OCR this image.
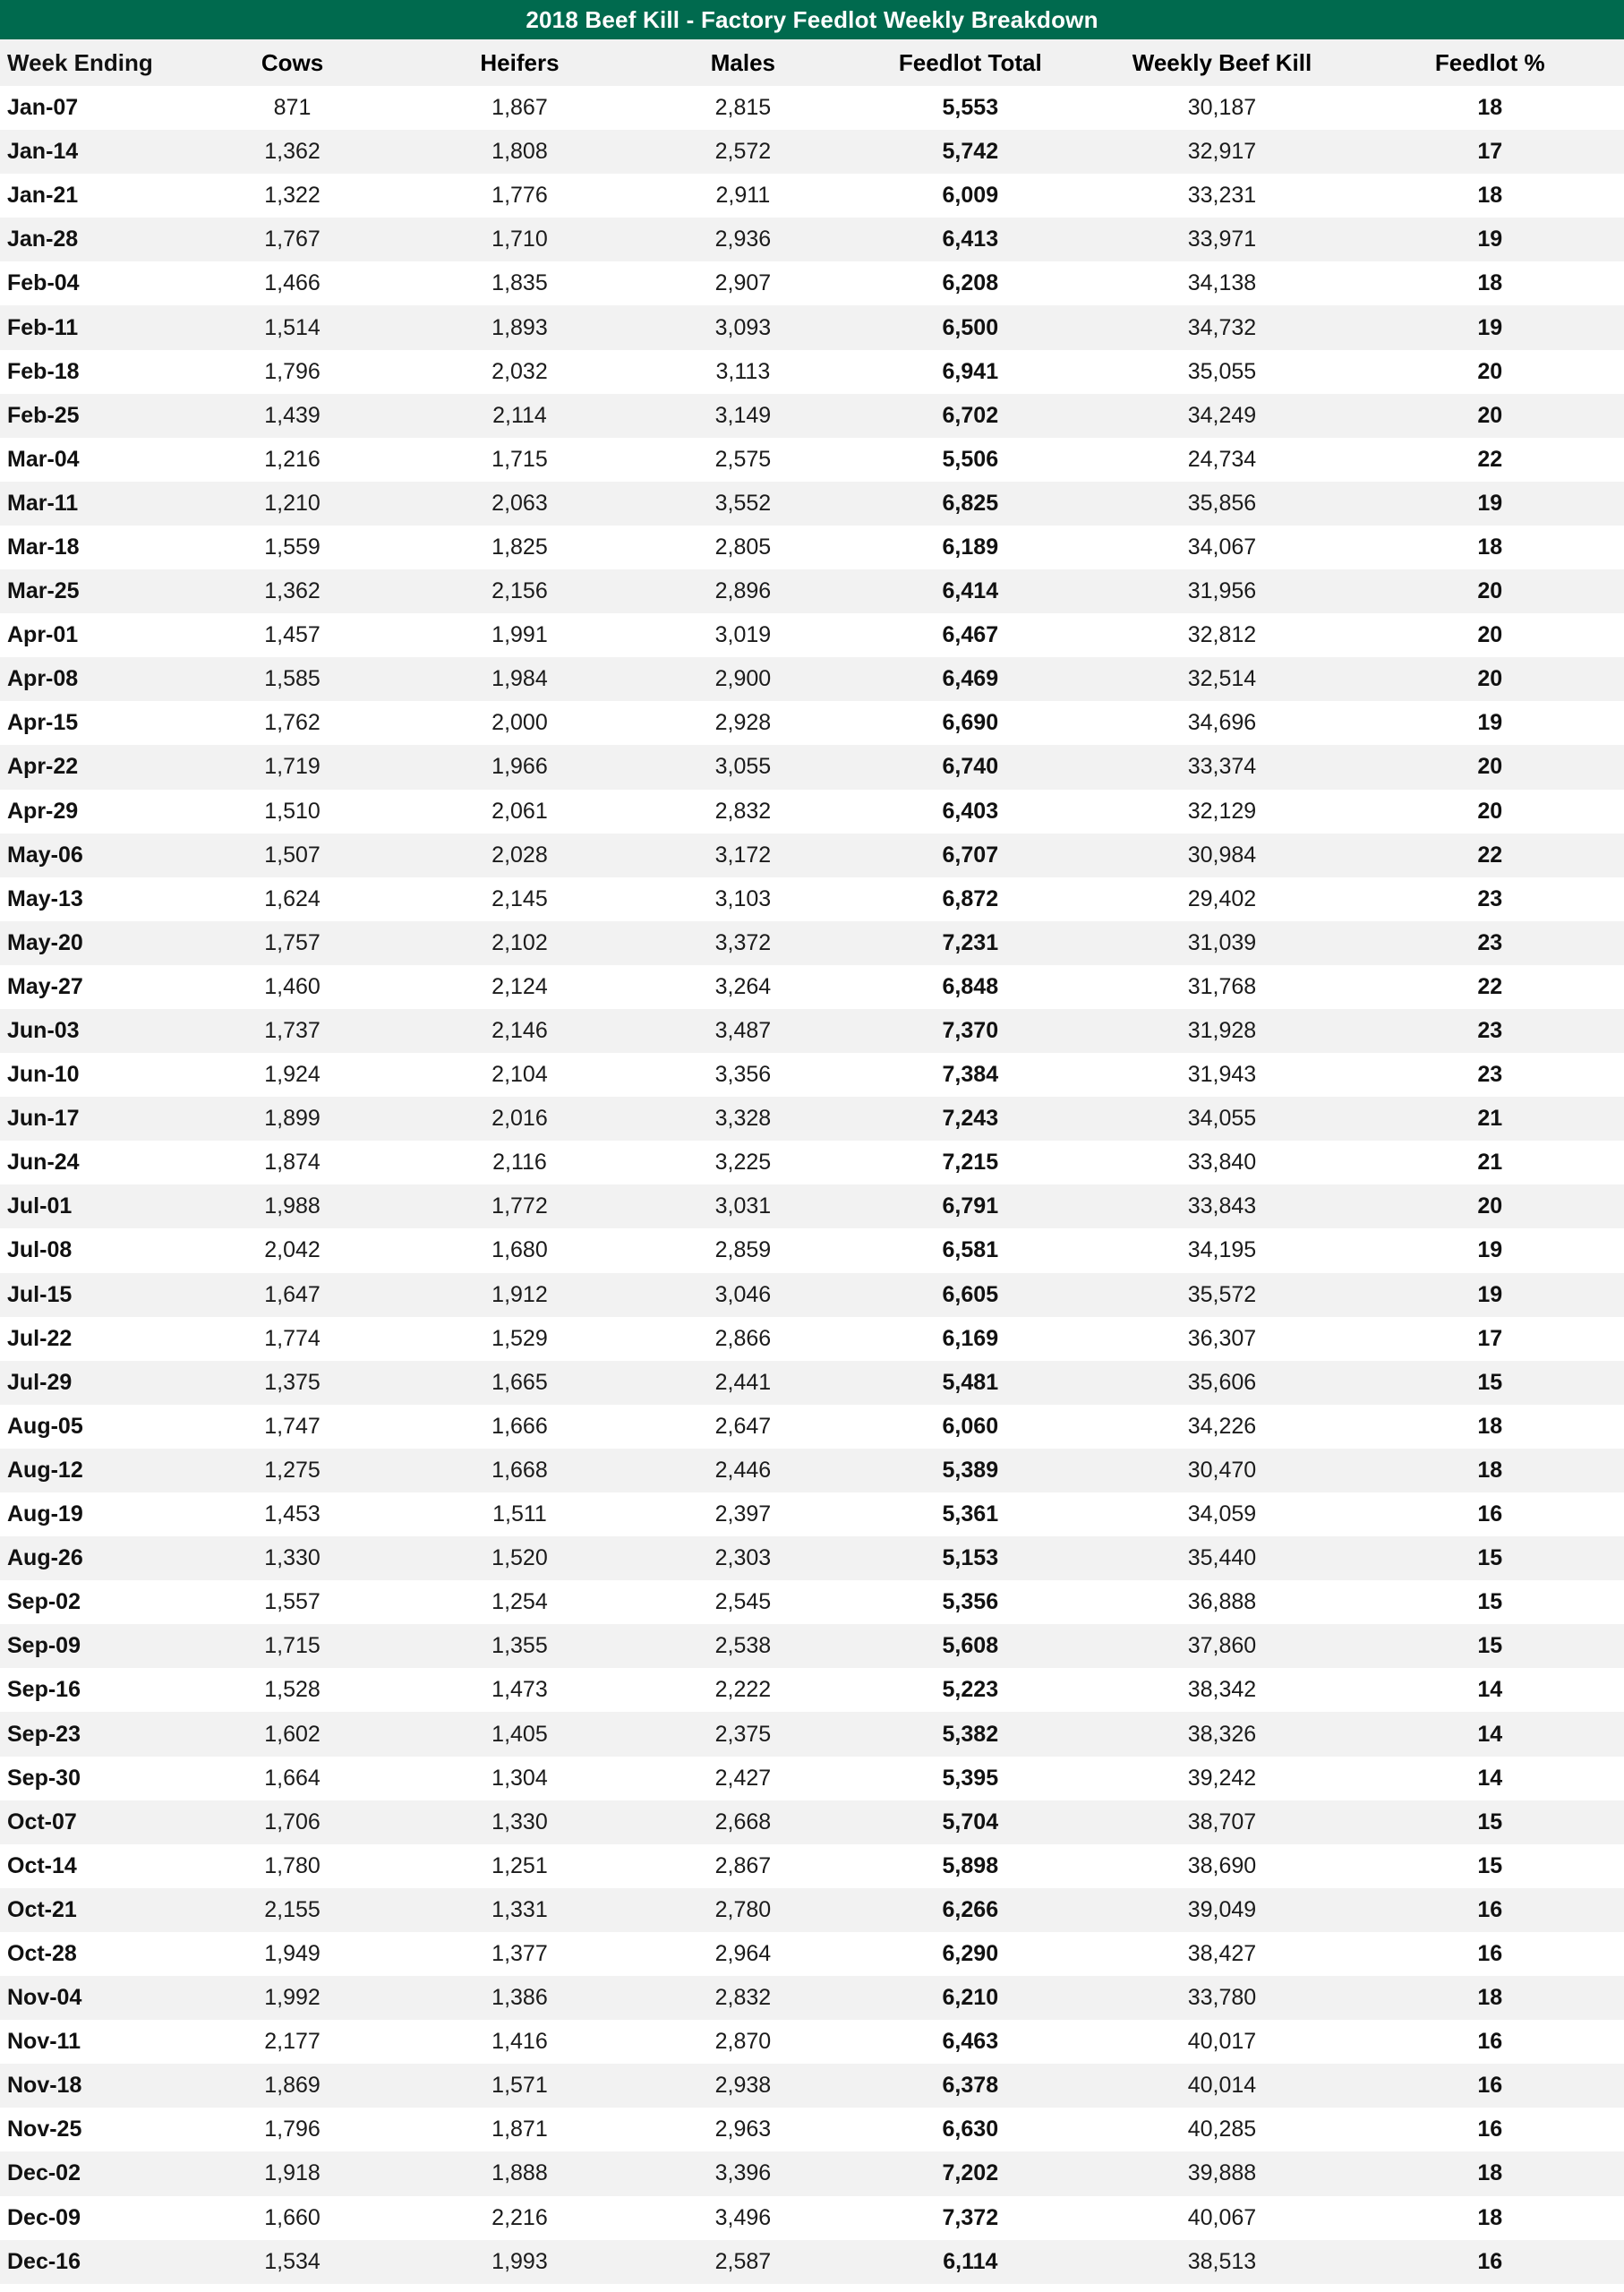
2018 Beef Kill - Factory Feedlot Weekly Breakdown
Week Ending	Cows	Heifers	Males	Feedlot Total	Weekly Beef Kill	Feedlot %
Jan-07	871	1,867	2,815	5,553	30,187	18
Jan-14	1,362	1,808	2,572	5,742	32,917	17
Jan-21	1,322	1,776	2,911	6,009	33,231	18
Jan-28	1,767	1,710	2,936	6,413	33,971	19
Feb-04	1,466	1,835	2,907	6,208	34,138	18
Feb-11	1,514	1,893	3,093	6,500	34,732	19
Feb-18	1,796	2,032	3,113	6,941	35,055	20
Feb-25	1,439	2,114	3,149	6,702	34,249	20
Mar-04	1,216	1,715	2,575	5,506	24,734	22
Mar-11	1,210	2,063	3,552	6,825	35,856	19
Mar-18	1,559	1,825	2,805	6,189	34,067	18
Mar-25	1,362	2,156	2,896	6,414	31,956	20
Apr-01	1,457	1,991	3,019	6,467	32,812	20
Apr-08	1,585	1,984	2,900	6,469	32,514	20
Apr-15	1,762	2,000	2,928	6,690	34,696	19
Apr-22	1,719	1,966	3,055	6,740	33,374	20
Apr-29	1,510	2,061	2,832	6,403	32,129	20
May-06	1,507	2,028	3,172	6,707	30,984	22
May-13	1,624	2,145	3,103	6,872	29,402	23
May-20	1,757	2,102	3,372	7,231	31,039	23
May-27	1,460	2,124	3,264	6,848	31,768	22
Jun-03	1,737	2,146	3,487	7,370	31,928	23
Jun-10	1,924	2,104	3,356	7,384	31,943	23
Jun-17	1,899	2,016	3,328	7,243	34,055	21
Jun-24	1,874	2,116	3,225	7,215	33,840	21
Jul-01	1,988	1,772	3,031	6,791	33,843	20
Jul-08	2,042	1,680	2,859	6,581	34,195	19
Jul-15	1,647	1,912	3,046	6,605	35,572	19
Jul-22	1,774	1,529	2,866	6,169	36,307	17
Jul-29	1,375	1,665	2,441	5,481	35,606	15
Aug-05	1,747	1,666	2,647	6,060	34,226	18
Aug-12	1,275	1,668	2,446	5,389	30,470	18
Aug-19	1,453	1,511	2,397	5,361	34,059	16
Aug-26	1,330	1,520	2,303	5,153	35,440	15
Sep-02	1,557	1,254	2,545	5,356	36,888	15
Sep-09	1,715	1,355	2,538	5,608	37,860	15
Sep-16	1,528	1,473	2,222	5,223	38,342	14
Sep-23	1,602	1,405	2,375	5,382	38,326	14
Sep-30	1,664	1,304	2,427	5,395	39,242	14
Oct-07	1,706	1,330	2,668	5,704	38,707	15
Oct-14	1,780	1,251	2,867	5,898	38,690	15
Oct-21	2,155	1,331	2,780	6,266	39,049	16
Oct-28	1,949	1,377	2,964	6,290	38,427	16
Nov-04	1,992	1,386	2,832	6,210	33,780	18
Nov-11	2,177	1,416	2,870	6,463	40,017	16
Nov-18	1,869	1,571	2,938	6,378	40,014	16
Nov-25	1,796	1,871	2,963	6,630	40,285	16
Dec-02	1,918	1,888	3,396	7,202	39,888	18
Dec-09	1,660	2,216	3,496	7,372	40,067	18
Dec-16	1,534	1,993	2,587	6,114	38,513	16
